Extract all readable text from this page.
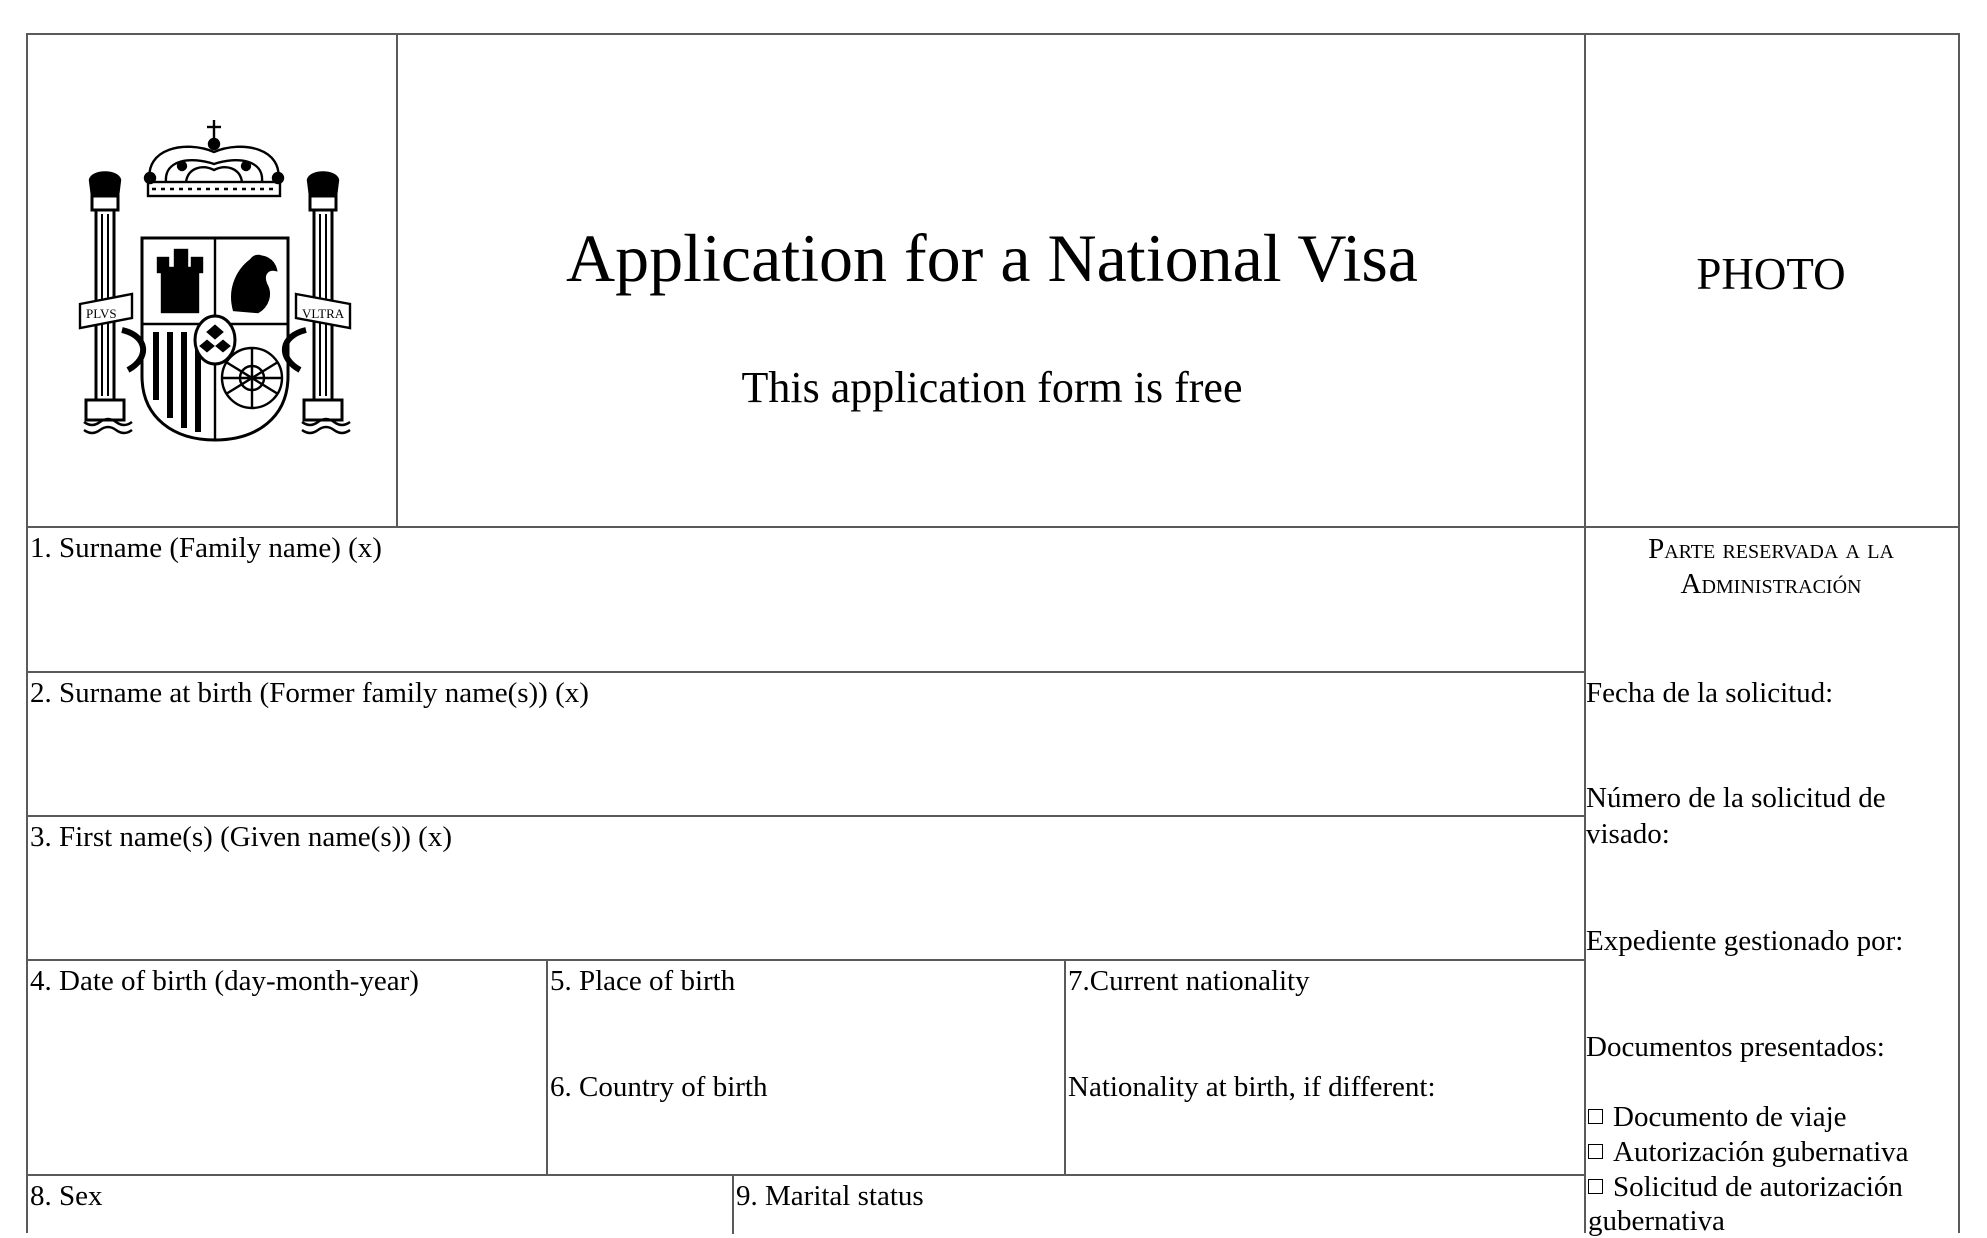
PLVS	VLTRA
Application for a National Visa
This application form is free
PHOTO
1. Surname (Family name) (x)
2. Surname at birth (Former family name(s)) (x)
3. First name(s) (Given name(s)) (x)
4. Date of birth (day-month-year)	5. Place of birth
6. Country of birth
7.Current nationality
Nationality at birth, if different:
8. Sex	9. Marital status
Parte reservada a la
Administración
Fecha de la solicitud:
Número de la solicitud de visado:
Expediente gestionado por:
Documentos presentados:
Documento de viaje
Autorización gubernativa
Solicitud de autorización gubernativa
